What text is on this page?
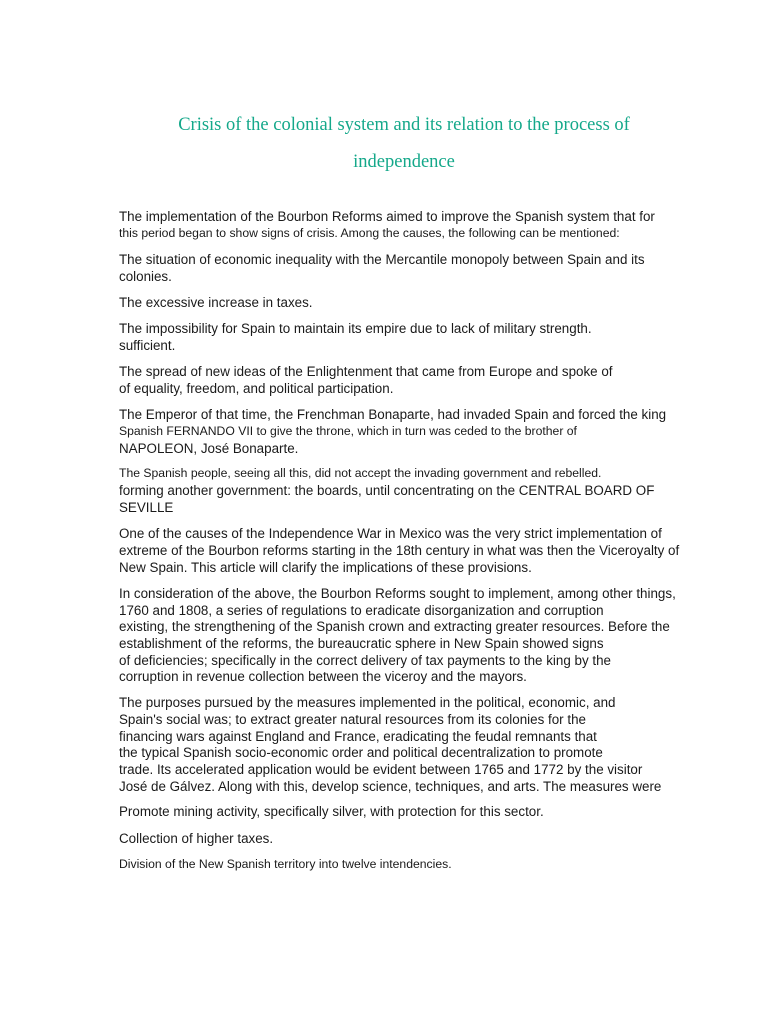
Crisis of the colonial system and its relation to the process of
independence

The implementation of the Bourbon Reforms aimed to improve the Spanish system that for

this period began to show signs of crisis. Among the causes, the following can be mentioned:

The situation of economic inequality with the Mercantile monopoly between Spain and its

colonies.

The excessive increase in taxes.

The impossibility for Spain to maintain its empire due to lack of military strength.

sufficient.

The spread of new ideas of the Enlightenment that came from Europe and spoke of

of equality, freedom, and political participation.

The Emperor of that time, the Frenchman Bonaparte, had invaded Spain and forced the king

Spanish FERNANDO VII to give the throne, which in turn was ceded to the brother of

NAPOLEON, José Bonaparte.

The Spanish people, seeing all this, did not accept the invading government and rebelled.

forming another government: the boards, until concentrating on the CENTRAL BOARD OF

SEVILLE

One of the causes of the Independence War in Mexico was the very strict implementation of

extreme of the Bourbon reforms starting in the 18th century in what was then the Viceroyalty of

New Spain. This article will clarify the implications of these provisions.

In consideration of the above, the Bourbon Reforms sought to implement, among other things,

1760 and 1808, a series of regulations to eradicate disorganization and corruption

existing, the strengthening of the Spanish crown and extracting greater resources. Before the

establishment of the reforms, the bureaucratic sphere in New Spain showed signs

of deficiencies; specifically in the correct delivery of tax payments to the king by the

corruption in revenue collection between the viceroy and the mayors.

The purposes pursued by the measures implemented in the political, economic, and

Spain's social was; to extract greater natural resources from its colonies for the

financing wars against England and France, eradicating the feudal remnants that

the typical Spanish socio-economic order and political decentralization to promote

trade. Its accelerated application would be evident between 1765 and 1772 by the visitor

José de Gálvez. Along with this, develop science, techniques, and arts. The measures were

Promote mining activity, specifically silver, with protection for this sector.

Collection of higher taxes.

Division of the New Spanish territory into twelve intendencies.
